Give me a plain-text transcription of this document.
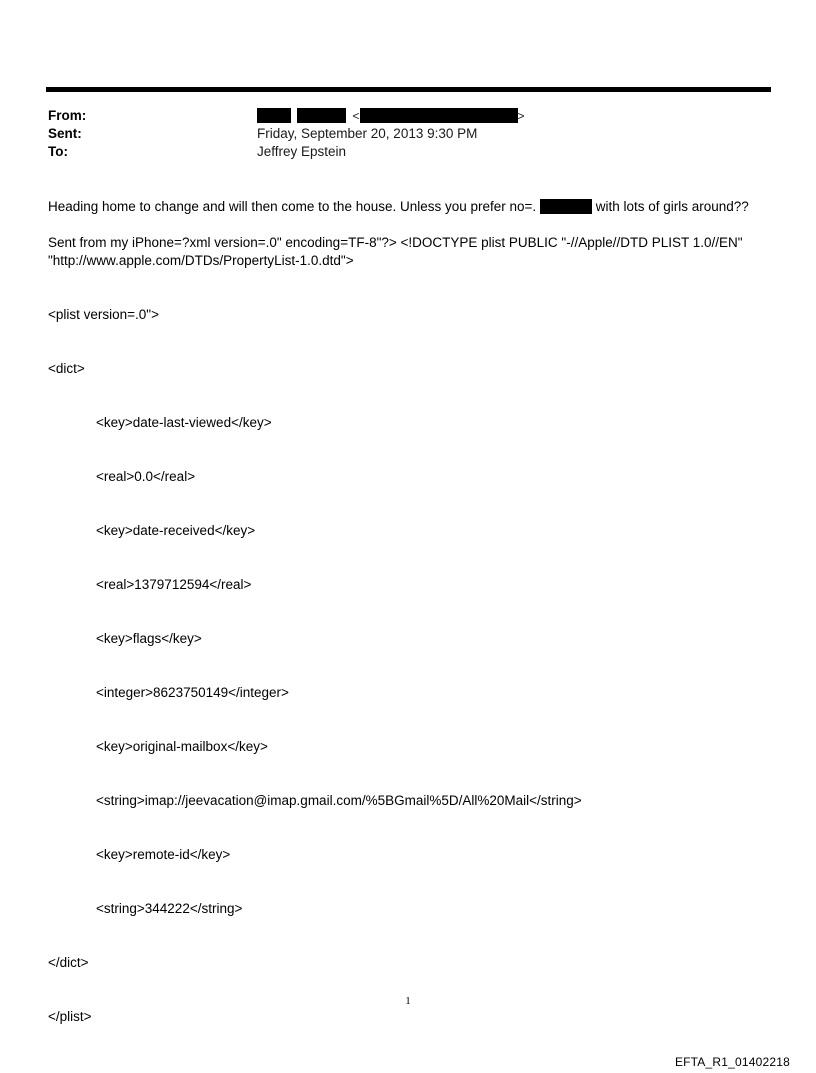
From:	<	>
Sent:	Friday, September 20, 2013 9:30 PM
To:	Jeffrey Epstein
Heading home to change and will then come to the house. Unless you prefer no=.	with lots of girls around??
Sent from my iPhone=?xml version=.0" encoding=TF-8"?> <!DOCTYPE plist PUBLIC "-//Apple//DTD PLIST 1.0//EN"
"http://www.apple.com/DTDs/PropertyList-1.0.dtd">

<plist version=.0">

<dict>

<key>date-last-viewed</key>

<real>0.0</real>

<key>date-received</key>

<real>1379712594</real>

<key>flags</key>

<integer>8623750149</integer>

<key>original-mailbox</key>

<string>imap://jeevacation@imap.gmail.com/%5BGmail%5D/All%20Mail</string>

<key>remote-id</key>

<string>344222</string>

</dict>

</plist>

1
EFTA_R1_01402218
